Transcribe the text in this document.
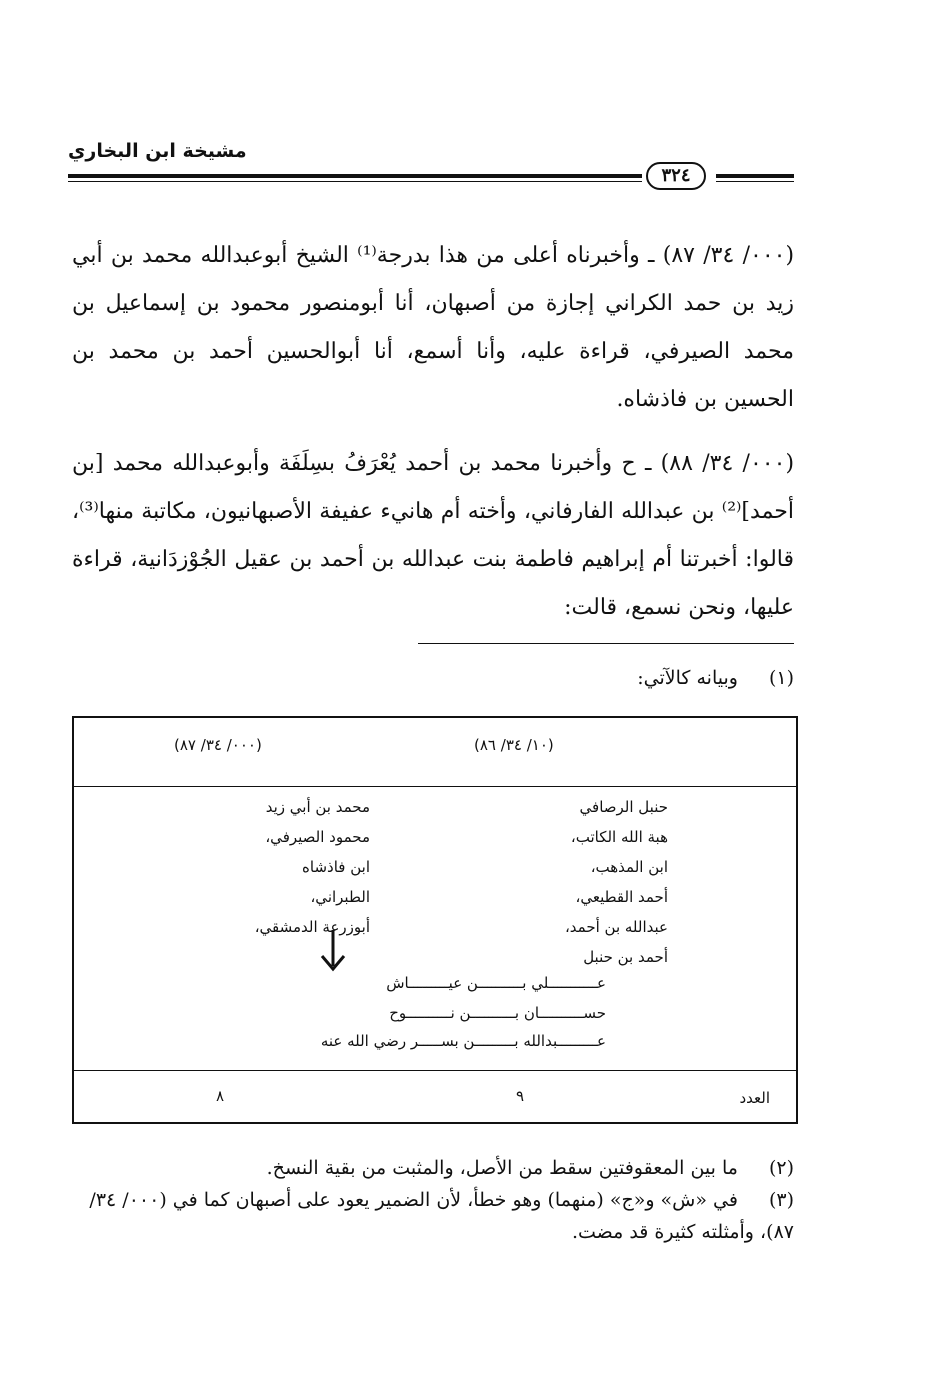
مشيخة ابن البخاري
٣٢٤

(٠٠٠/ ٣٤/ ٨٧) ـ وأخبرناه أعلى من هذا بدرجة⁽¹⁾ الشيخ أبوعبدالله محمد بن أبي زيد بن حمد الكراني إجازة من أصبهان، أنا أبومنصور محمود بن إسماعيل بن محمد الصيرفي، قراءة عليه، وأنا أسمع، أنا أبوالحسين أحمد بن محمد بن الحسين بن فاذشاه.

(٠٠٠/ ٣٤/ ٨٨) ـ ح وأخبرنا محمد بن أحمد يُعْرَفُ بسِلَفَة وأبوعبدالله محمد [بن أحمد]⁽²⁾ بن عبدالله الفارفاني، وأخته أم هانيء عفيفة الأصبهانيون، مكاتبة منها⁽³⁾، قالوا: أخبرتنا أم إبراهيم فاطمة بنت عبدالله بن أحمد بن عقيل الجُوْزدَانية، قراءة عليها، ونحن نسمع، قالت:

(١) وبيانه كالآتي:
(١٠/ ٣٤/ ٨٦)
(٠٠٠/ ٣٤/ ٨٧)
حنبل الرصافي
هبة الله الكاتب،
ابن المذهب،
أحمد القطيعي،
عبدالله بن أحمد،
أحمد بن حنبل
محمد بن أبي زيد
محمود الصيرفي،
ابن فاذشاه
الطبراني،
أبوزرعة الدمشقي،
عـــــــــــلي بــــــــــن عيـــــــــاش
حســــــــــان بــــــــــن نــــــــــوح
عـــــــــبدالله بـــــــــن بســـــر رضي الله عنه
العدد
٩
٨

(٢) ما بين المعقوفتين سقط من الأصل، والمثبت من بقية النسخ.

(٣) في «ش» و«ج» (منهما) وهو خطأ، لأن الضمير يعود على أصبهان كما في (٠٠٠/ ٣٤/ ٨٧)، وأمثلته كثيرة قد مضت.
